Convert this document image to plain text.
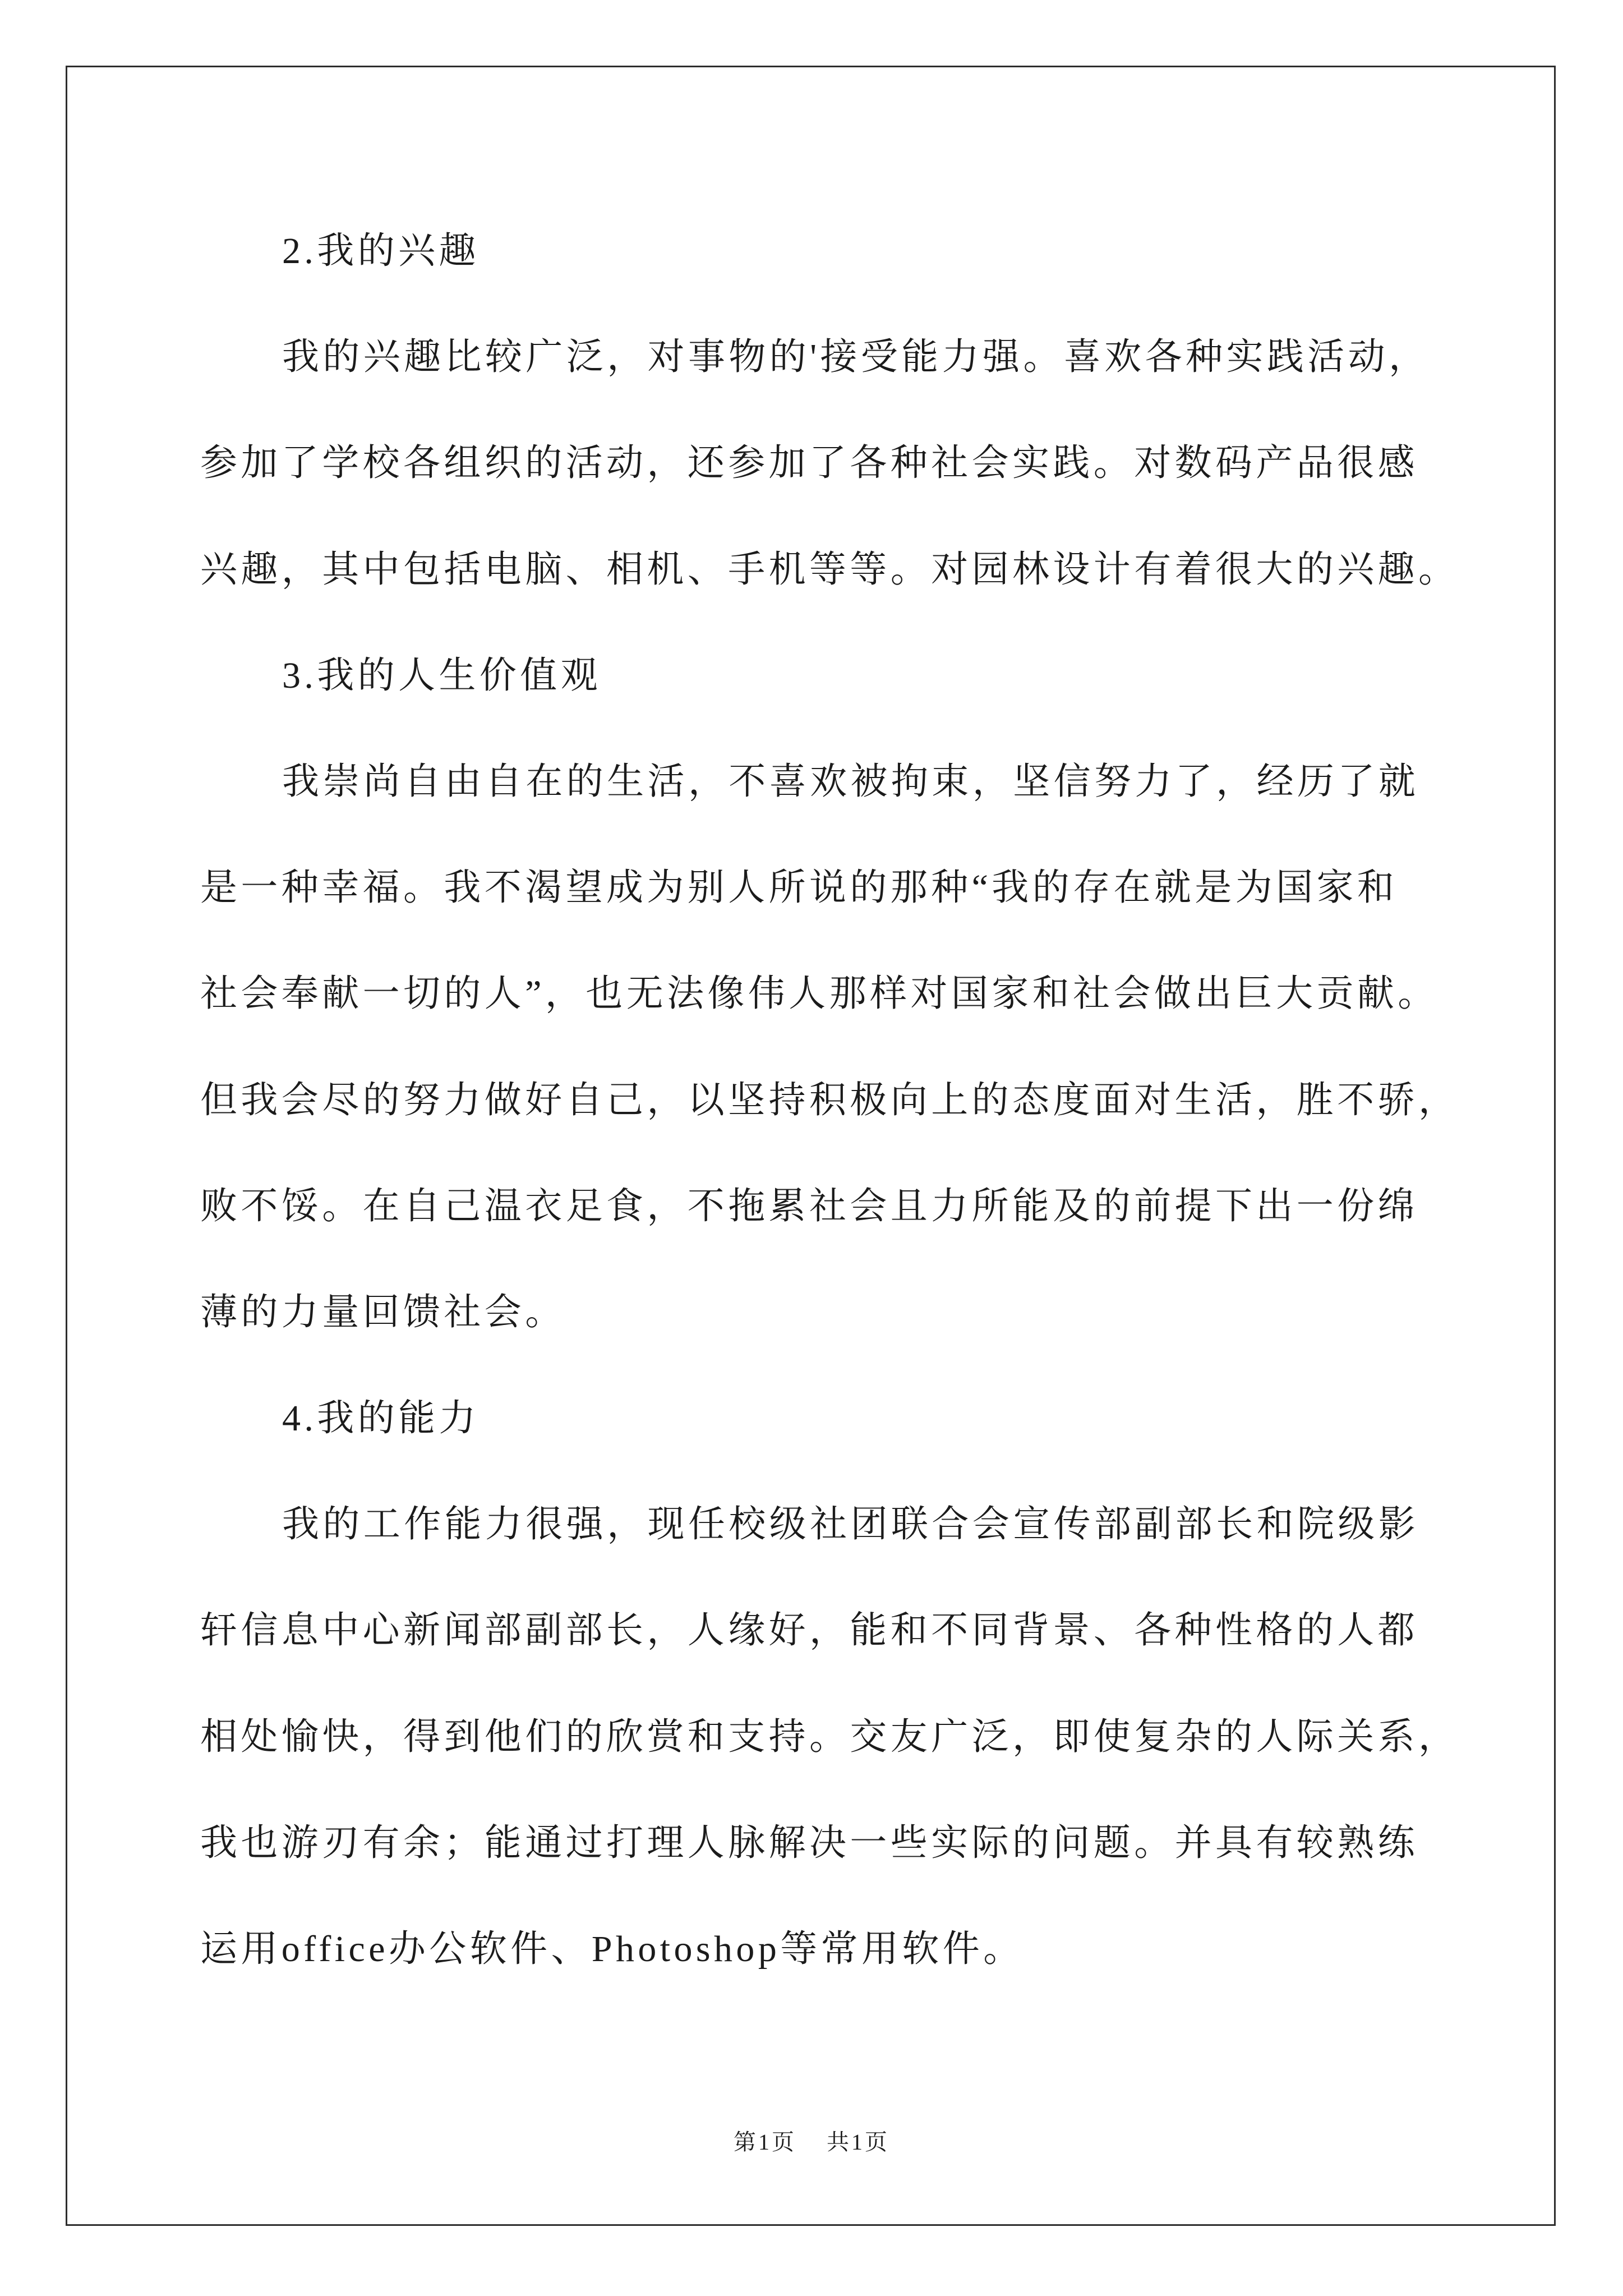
2.我的兴趣
我的兴趣比较广泛，对事物的'接受能力强。喜欢各种实践活动，
参加了学校各组织的活动，还参加了各种社会实践。对数码产品很感
兴趣，其中包括电脑、相机、手机等等。对园林设计有着很大的兴趣。
3.我的人生价值观
我崇尚自由自在的生活，不喜欢被拘束，坚信努力了，经历了就
是一种幸福。我不渴望成为别人所说的那种“我的存在就是为国家和
社会奉献一切的人”，也无法像伟人那样对国家和社会做出巨大贡献。
但我会尽的努力做好自己，以坚持积极向上的态度面对生活，胜不骄，
败不馁。在自己温衣足食，不拖累社会且力所能及的前提下出一份绵
薄的力量回馈社会。
4.我的能力
我的工作能力很强，现任校级社团联合会宣传部副部长和院级影
轩信息中心新闻部副部长，人缘好，能和不同背景、各种性格的人都
相处愉快，得到他们的欣赏和支持。交友广泛，即使复杂的人际关系，
我也游刃有余；能通过打理人脉解决一些实际的问题。并具有较熟练
运用office办公软件、Photoshop等常用软件。
第1页 共1页
